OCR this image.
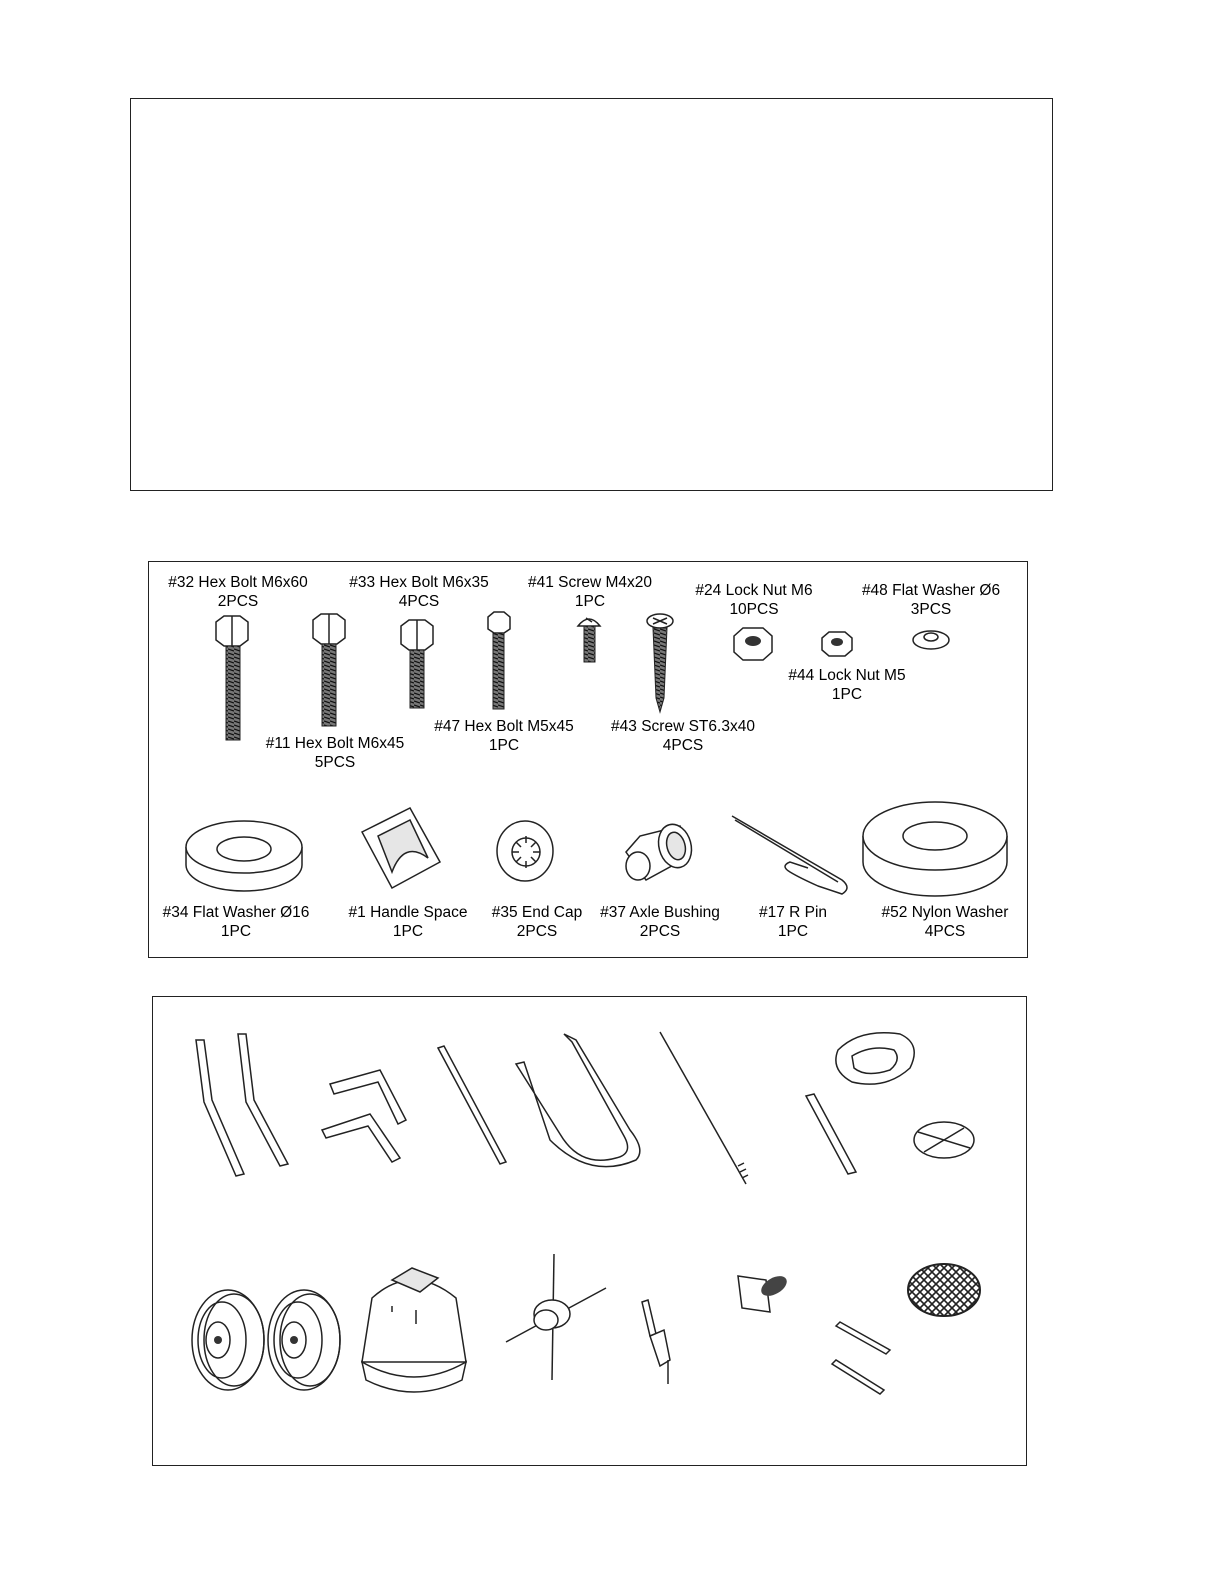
#32 Hex Bolt M6x60
2PCS
#33 Hex Bolt M6x35
4PCS
#41 Screw M4x20
1PC
#24 Lock Nut M6
10PCS
#48 Flat Washer Ø6
3PCS
#44 Lock Nut M5
1PC
#11 Hex Bolt M6x45
5PCS
#47 Hex Bolt M5x45
1PC
#43 Screw ST6.3x40
4PCS
#34 Flat Washer Ø16
1PC
#1 Handle Space
1PC
#35 End Cap
2PCS
#37 Axle Bushing
2PCS
#17 R Pin
1PC
#52 Nylon Washer
4PCS
